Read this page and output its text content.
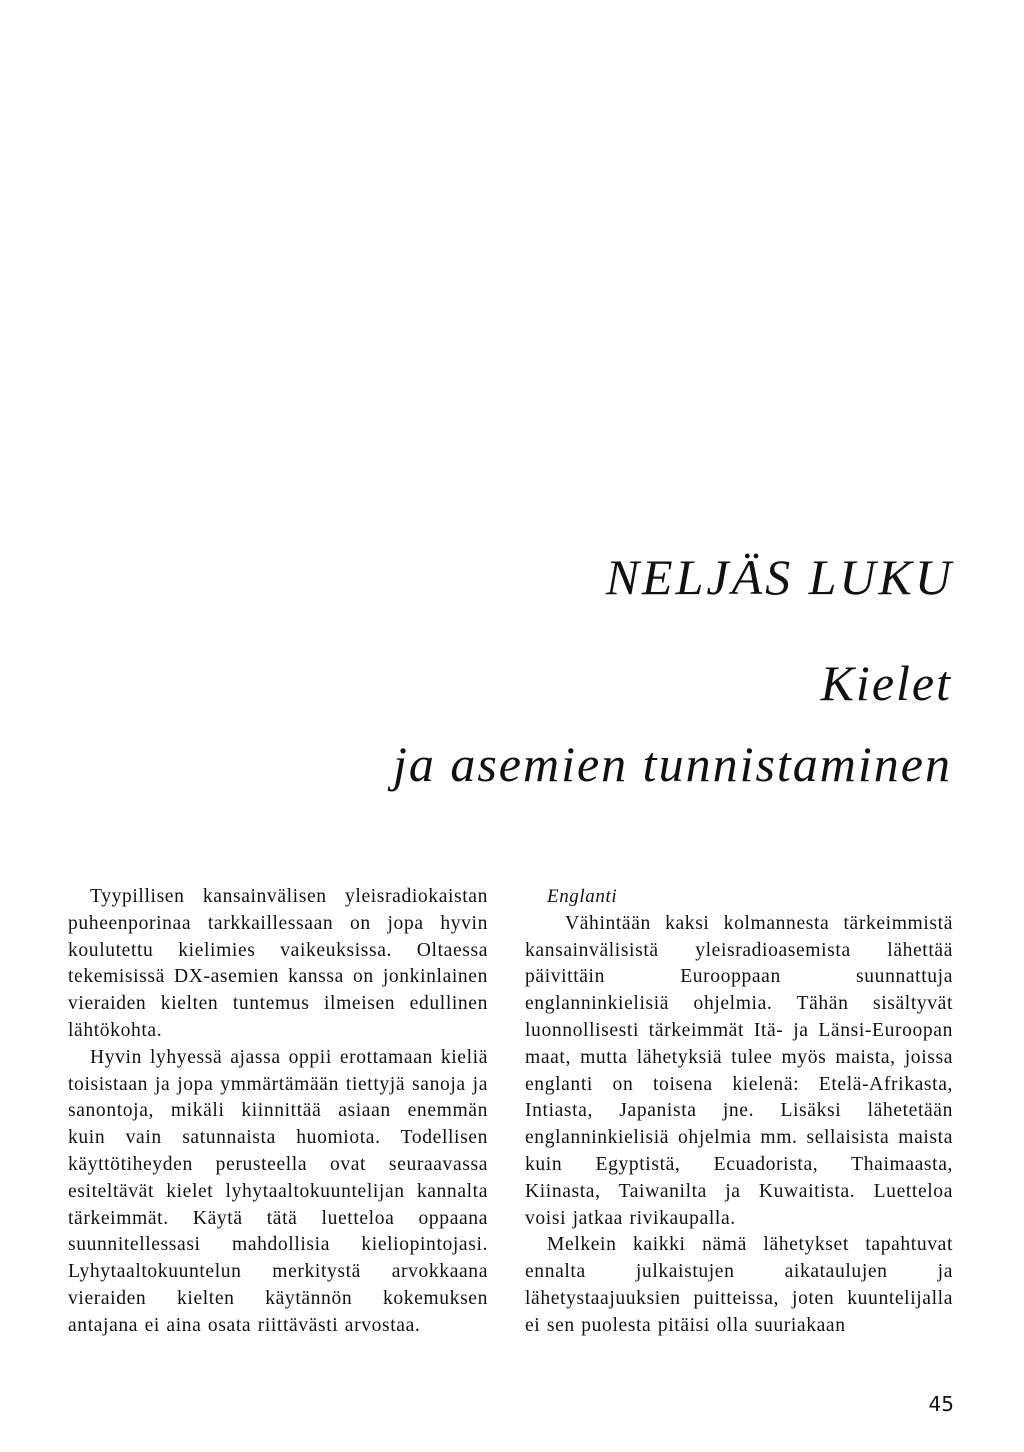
NELJÄS LUKU
Kielet
ja asemien tunnistaminen

Tyypillisen kansainvälisen yleisradiokaistan puheenporinaa tarkkaillessaan on jopa hyvin koulutettu kielimies vaikeuksissa. Oltaessa tekemisissä DX-asemien kanssa on jonkinlainen vieraiden kielten tuntemus ilmeisen edullinen lähtökohta.

Hyvin lyhyessä ajassa oppii erottamaan kieliä toisistaan ja jopa ymmärtämään tiettyjä sanoja ja sanontoja, mikäli kiinnittää asiaan enemmän kuin vain satunnaista huomiota. Todellisen käyttötiheyden perusteella ovat seuraavassa esiteltävät kielet lyhytaaltokuuntelijan kannalta tärkeimmät. Käytä tätä luetteloa oppaana suunnitellessasi mahdollisia kieliopintojasi. Lyhytaaltokuuntelun merkitystä arvokkaana vieraiden kielten käytännön kokemuksen antajana ei aina osata riittävästi arvostaa.

Englanti

Vähintään kaksi kolmannesta tärkeimmistä kansainvälisistä yleisradioasemista lähettää päivittäin Eurooppaan suunnattuja englanninkielisiä ohjelmia. Tähän sisältyvät luonnollisesti tärkeimmät Itä- ja Länsi-Euroopan maat, mutta lähetyksiä tulee myös maista, joissa englanti on toisena kielenä: Etelä-Afrikasta, Intiasta, Japanista jne. Lisäksi lähetetään englanninkielisiä ohjelmia mm. sellaisista maista kuin Egyptistä, Ecuadorista, Thaimaasta, Kiinasta, Taiwanilta ja Kuwaitista. Luetteloa voisi jatkaa rivikaupalla.

Melkein kaikki nämä lähetykset tapahtuvat ennalta julkaistujen aikataulujen ja lähetystaajuuksien puitteissa, joten kuuntelijalla ei sen puolesta pitäisi olla suuriakaan

45
